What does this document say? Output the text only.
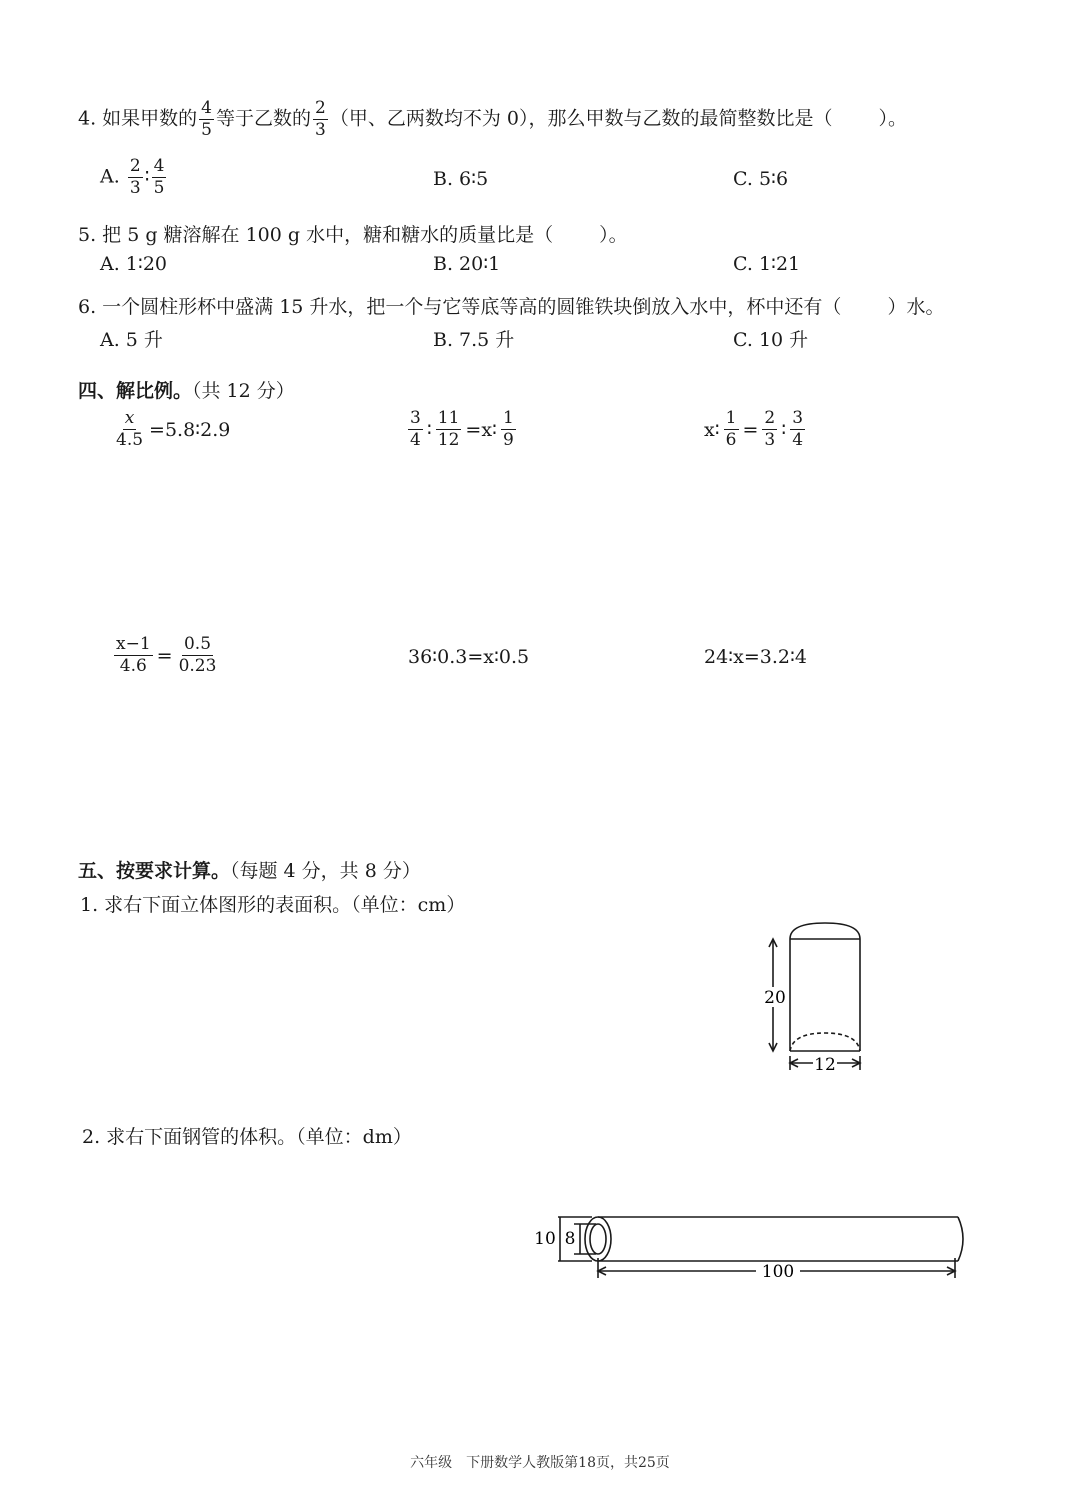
4. 如果甲数的 $\frac{4}{5}$ 等于乙数的 $\frac{2}{3}$ （甲、乙两数均不为 0），那么甲数与乙数的最简整数比是（ ）。
A. $\frac{2}{3}$ ∶ $\frac{4}{5}$	B. 6∶5	C. 5∶6
5. 把 5 g 糖溶解在 100 g 水中，糖和糖水的质量比是（ ）。
A. 1∶20	B. 20∶1	C. 1∶21
6. 一个圆柱形杯中盛满 15 升水，把一个与它等底等高的圆锥铁块倒放入水中，杯中还有（ ）水。
A. 5 升	B. 7.5 升	C. 10 升
四、解比例。（共 12 分）
$\frac{x}{4.5}$ =5.8∶2.9	$\frac{3}{4}$ ∶ $\frac{11}{12}$ =x∶ $\frac{1}{9}$	x∶ $\frac{1}{6} = \frac{2}{3}$ ∶ $\frac{3}{4}$
$\frac{x-1}{4.6} = \frac{0.5}{0.23}$	36∶0.3=x∶0.5	24∶x=3.2∶4
五、按要求计算。（每题 4 分，共 8 分）
1. 求右下面立体图形的表面积。（单位：cm）
20
12
2. 求右下面钢管的体积。（单位：dm）
10 8
100
六年级　下册数学人教版第18页，共25页
